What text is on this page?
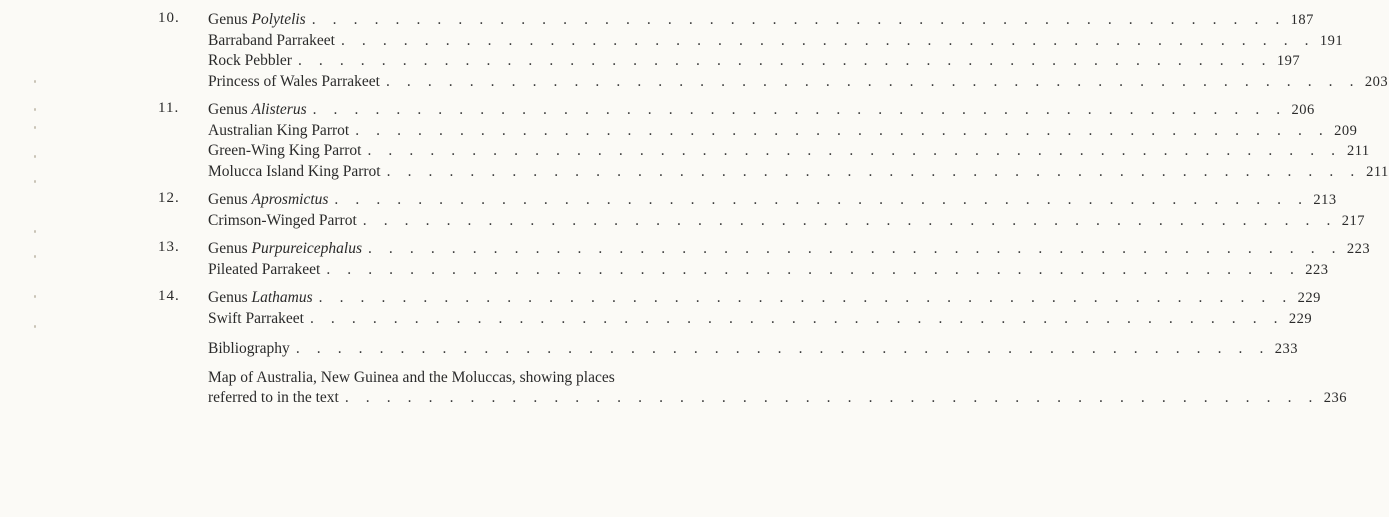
10. Genus Polytelis . . . . . . . . . . . . . . . . . . . . . . . . . . . . . . . . . . . . . . . . . . . . . . . 187
Barraband Parrakeet . . . . . . . . . . . . . . . . . . . . . . . . . . . . . . . . . . . . . . . . . . . . . . . 191
Rock Pebbler . . . . . . . . . . . . . . . . . . . . . . . . . . . . . . . . . . . . . . . . . . . . . . . 197
Princess of Wales Parrakeet . . . . . . . . . . . . . . . . . . . . . . . . . . . . . . . . . . . . . . . . . . . . . . . 203
11. Genus Alisterus . . . . . . . . . . . . . . . . . . . . . . . . . . . . . . . . . . . . . . . . . . . . . . . 206
Australian King Parrot . . . . . . . . . . . . . . . . . . . . . . . . . . . . . . . . . . . . . . . . . . . . . . . 209
Green-Wing King Parrot . . . . . . . . . . . . . . . . . . . . . . . . . . . . . . . . . . . . . . . . . . . . . . . 211
Molucca Island King Parrot . . . . . . . . . . . . . . . . . . . . . . . . . . . . . . . . . . . . . . . . . . . . . . . 211
12. Genus Aprosmictus . . . . . . . . . . . . . . . . . . . . . . . . . . . . . . . . . . . . . . . . . . . . . . . 213
Crimson-Winged Parrot . . . . . . . . . . . . . . . . . . . . . . . . . . . . . . . . . . . . . . . . . . . . . . . 217
13. Genus Purpureicephalus . . . . . . . . . . . . . . . . . . . . . . . . . . . . . . . . . . . . . . . . . . . . . . . 223
Pileated Parrakeet . . . . . . . . . . . . . . . . . . . . . . . . . . . . . . . . . . . . . . . . . . . . . . . 223
14. Genus Lathamus . . . . . . . . . . . . . . . . . . . . . . . . . . . . . . . . . . . . . . . . . . . . . . . 229
Swift Parrakeet . . . . . . . . . . . . . . . . . . . . . . . . . . . . . . . . . . . . . . . . . . . . . . . 229
Bibliography . . . . . . . . . . . . . . . . . . . . . . . . . . . . . . . . . . . . . . . . . . . . . . . 233
Map of Australia, New Guinea and the Moluccas, showing places
referred to in the text . . . . . . . . . . . . . . . . . . . . . . . . . . . . . . . . . . . . . . . . . . . . . . . 236
